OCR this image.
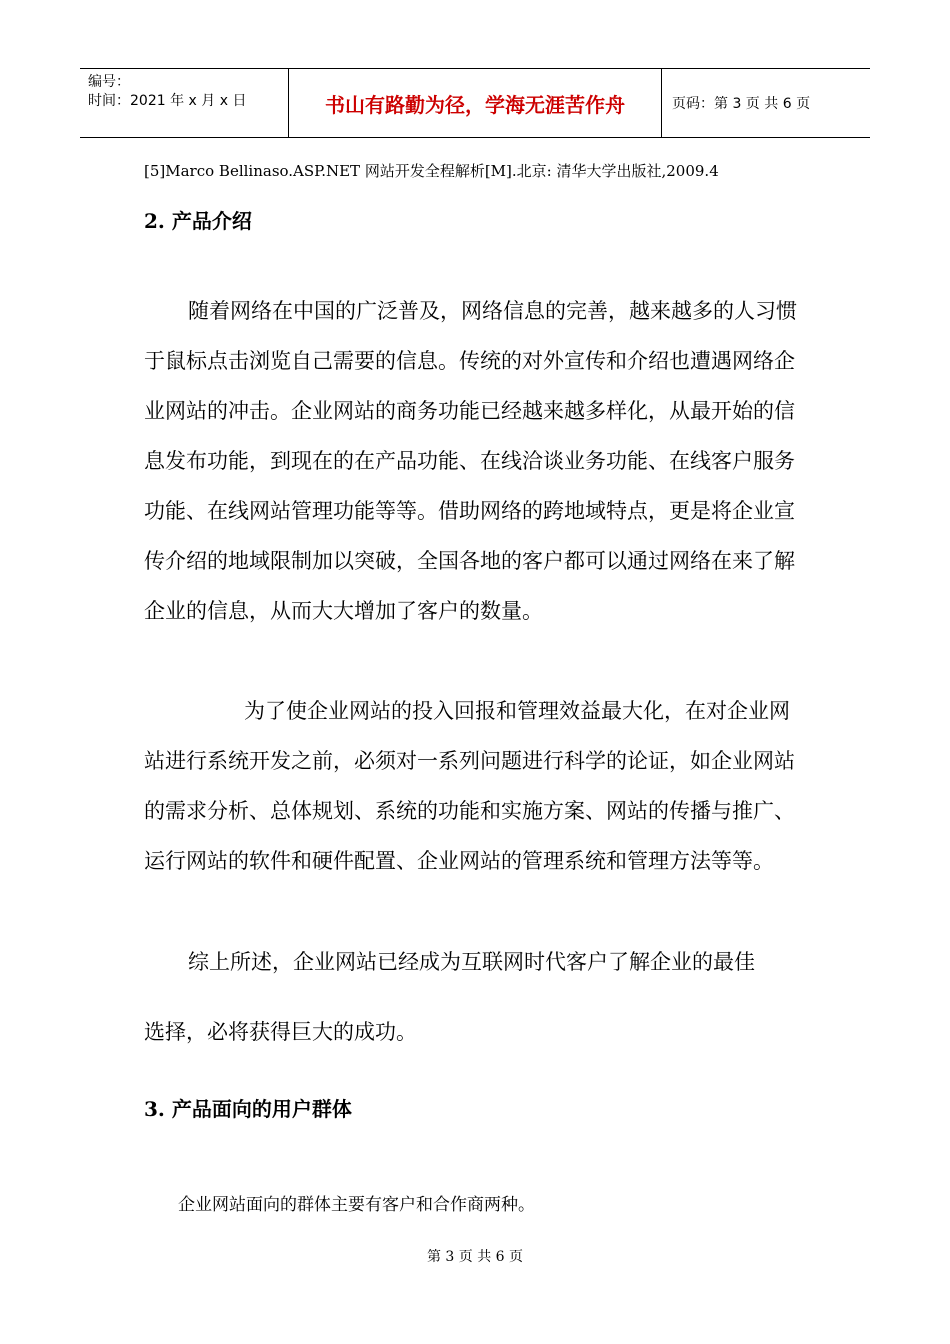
编号：
时间：2021 年 x 月 x 日	书山有路勤为径，学海无涯苦作舟	页码：第 3 页 共 6 页
[5]Marco Bellinaso.ASP.NET 网站开发全程解析[M].北京: 清华大学出版社,2009.4
2. 产品介绍

随着网络在中国的广泛普及，网络信息的完善，越来越多的人习惯于鼠标点击浏览自己需要的信息。传统的对外宣传和介绍也遭遇网络企业网站的冲击。企业网站的商务功能已经越来越多样化，从最开始的信息发布功能，到现在的在产品功能、在线洽谈业务功能、在线客户服务功能、在线网站管理功能等等。借助网络的跨地域特点，更是将企业宣传介绍的地域限制加以突破，全国各地的客户都可以通过网络在来了解企业的信息，从而大大增加了客户的数量。

为了使企业网站的投入回报和管理效益最大化，在对企业网站进行系统开发之前，必须对一系列问题进行科学的论证，如企业网站的需求分析、总体规划、系统的功能和实施方案、网站的传播与推广、运行网站的软件和硬件配置、企业网站的管理系统和管理方法等等。

综上所述，企业网站已经成为互联网时代客户了解企业的最佳

选择，必将获得巨大的成功。

3. 产品面向的用户群体
企业网站面向的群体主要有客户和合作商两种。
第 3 页 共 6 页
